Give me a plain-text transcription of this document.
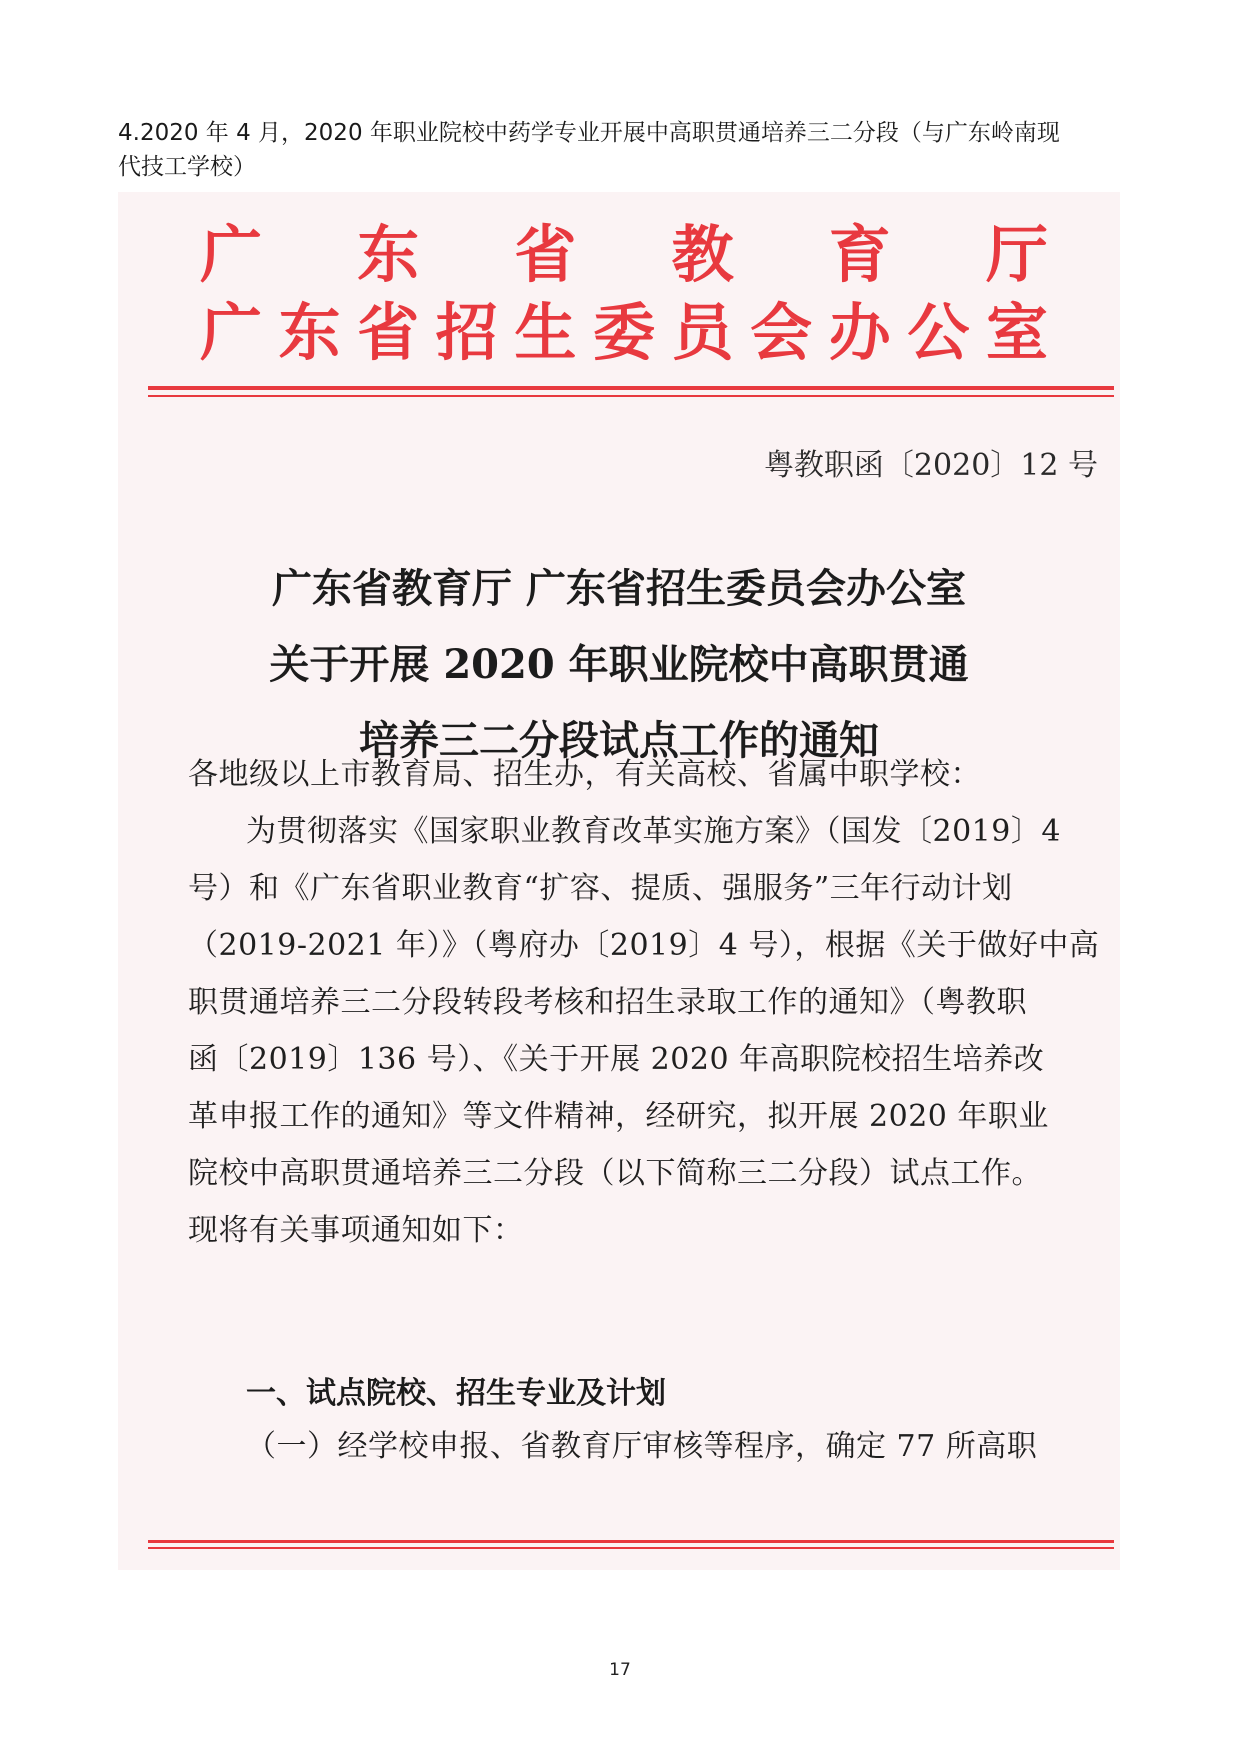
4.2020 年 4 月，2020 年职业院校中药学专业开展中高职贯通培养三二分段（与广东岭南现
代技工学校）
广 东 省 教 育 厅
广 东 省 招 生 委 员 会 办 公 室
粤教职函〔2020〕12 号
广东省教育厅 广东省招生委员会办公室
关于开展 2020 年职业院校中高职贯通
培养三二分段试点工作的通知
各地级以上市教育局、招生办，有关高校、省属中职学校：
为贯彻落实《国家职业教育改革实施方案》（国发〔2019〕4
号）和《广东省职业教育“扩容、提质、强服务”三年行动计划
（2019-2021 年）》（粤府办〔2019〕4 号），根据《关于做好中高
职贯通培养三二分段转段考核和招生录取工作的通知》（粤教职
函〔2019〕136 号）、《关于开展 2020 年高职院校招生培养改
革申报工作的通知》等文件精神，经研究，拟开展 2020 年职业
院校中高职贯通培养三二分段（以下简称三二分段）试点工作。
现将有关事项通知如下：
一、试点院校、招生专业及计划
（一）经学校申报、省教育厅审核等程序，确定 77 所高职
17
